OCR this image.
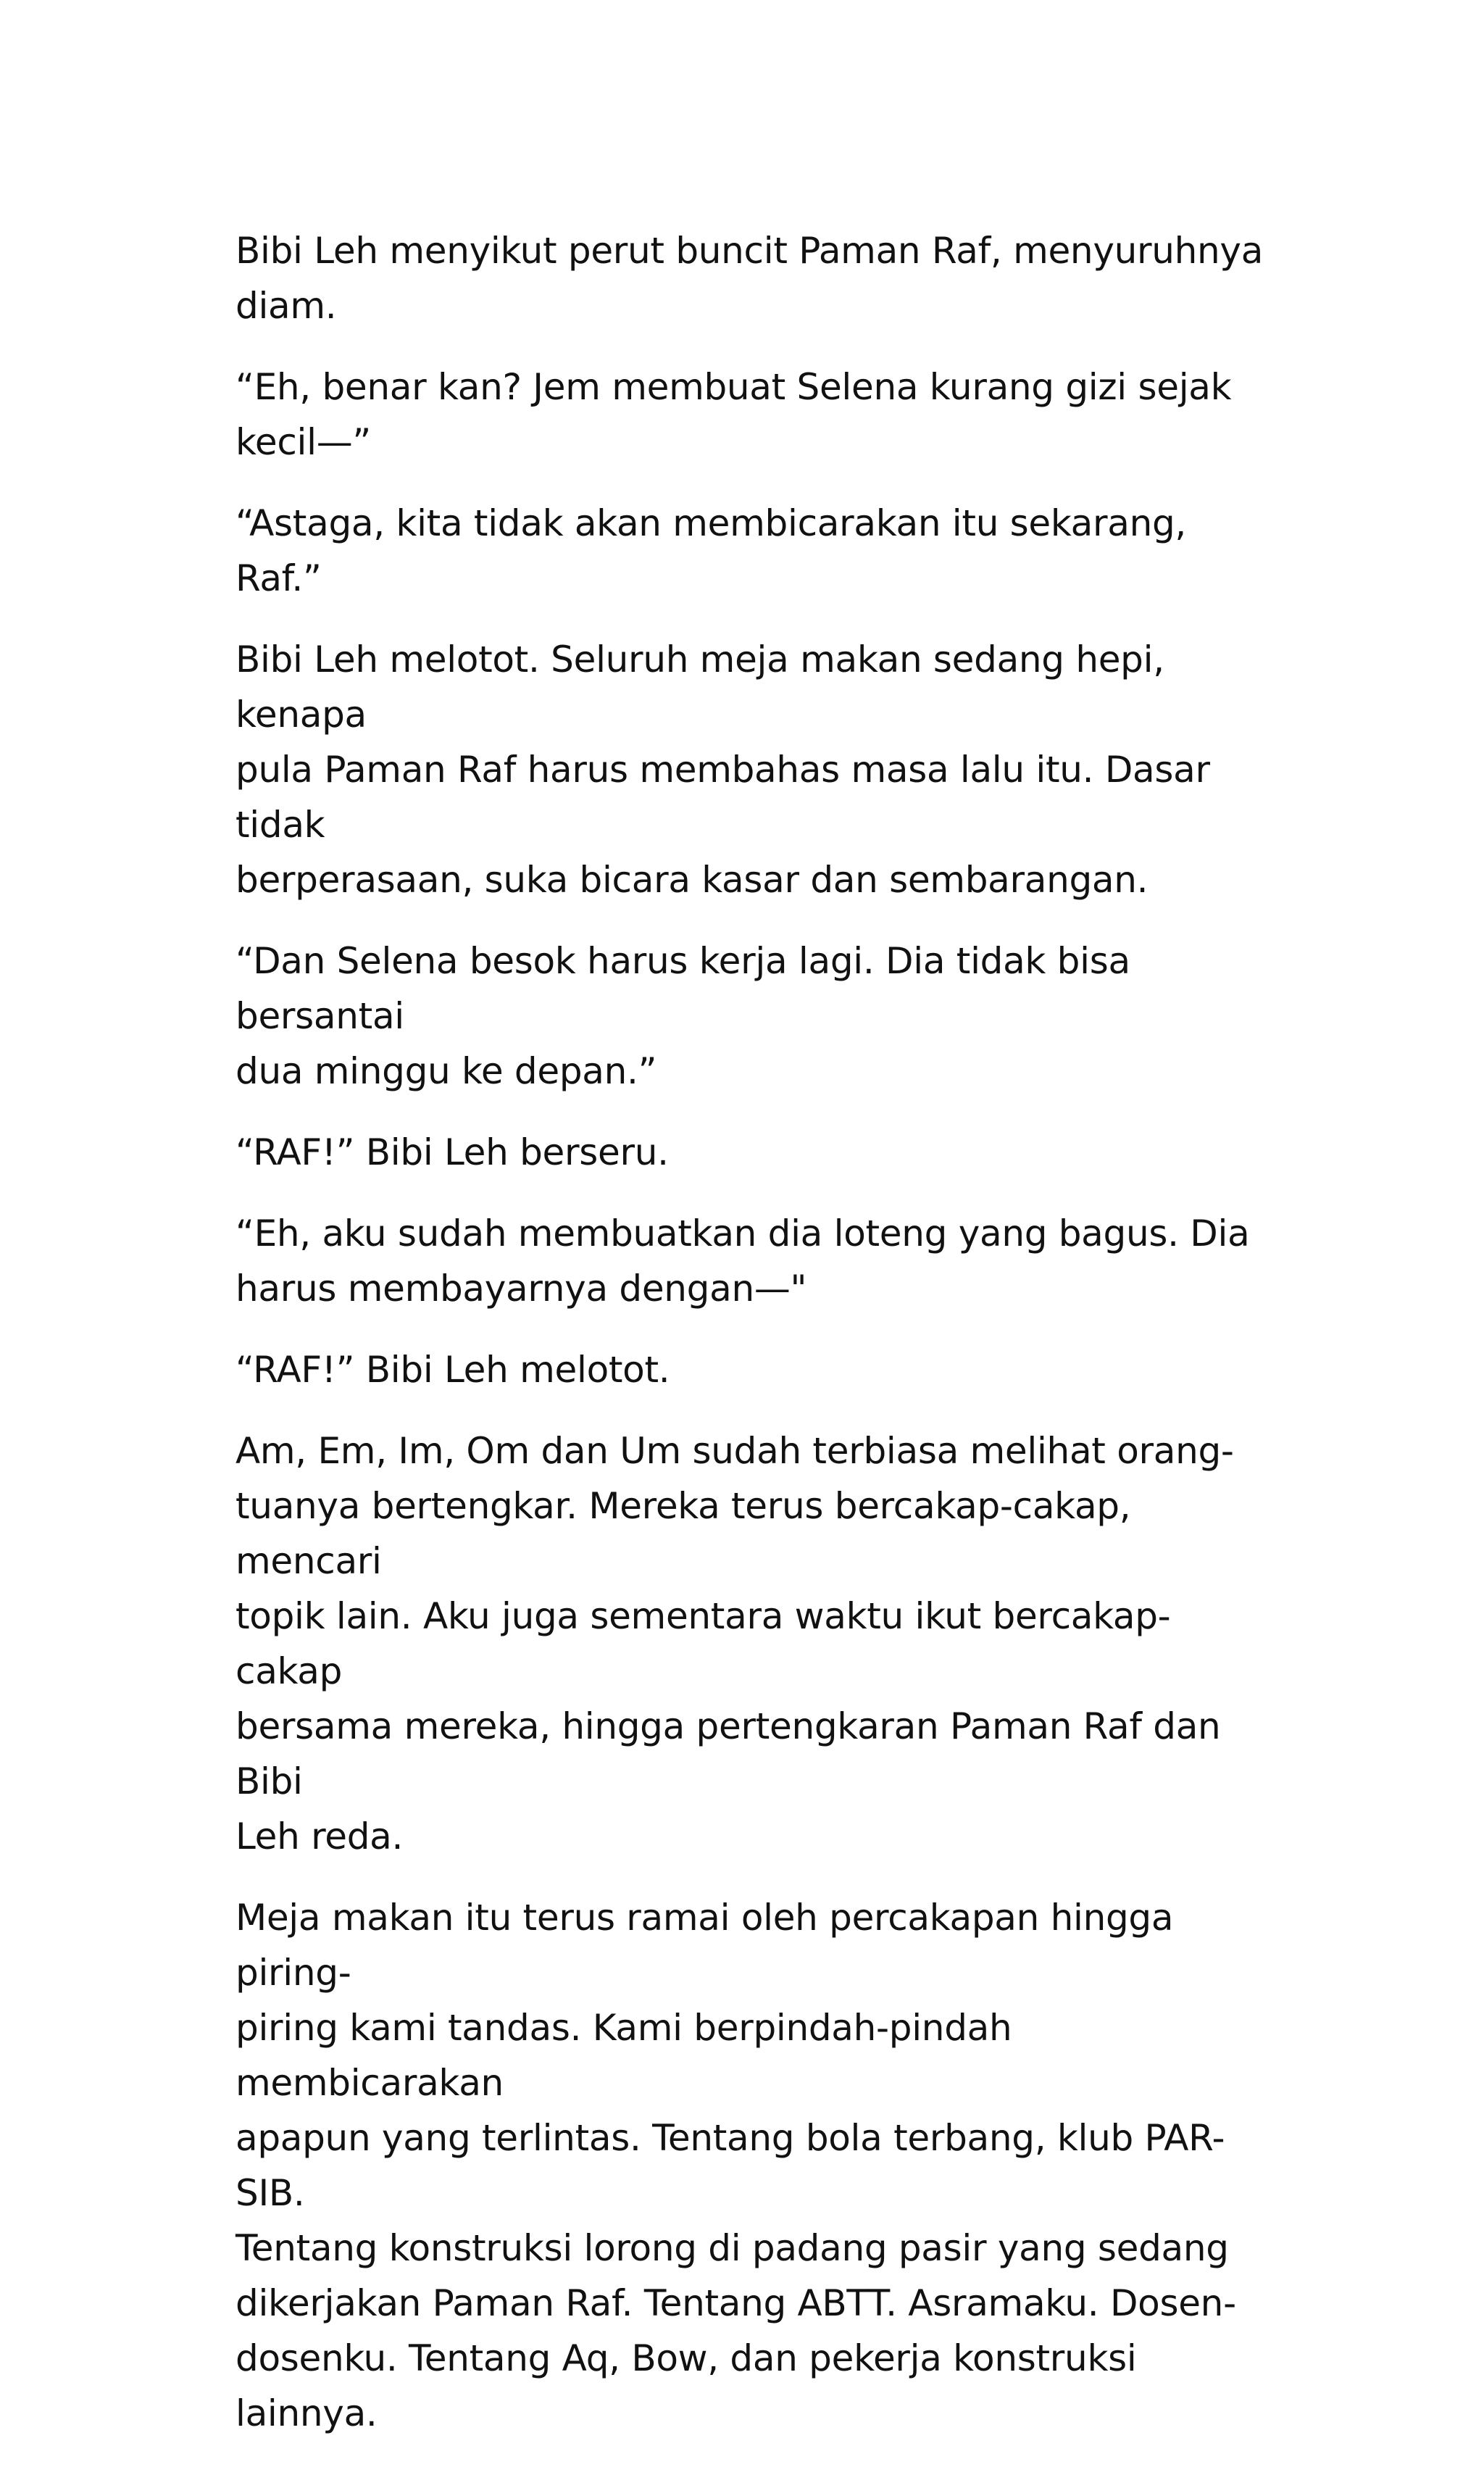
Bibi Leh menyikut perut buncit Paman Raf, menyuruhnya
diam.

“Eh, benar kan? Jem membuat Selena kurang gizi sejak
kecil—”

“Astaga, kita tidak akan membicarakan itu sekarang, Raf.”

Bibi Leh melotot. Seluruh meja makan sedang hepi, kenapa
pula Paman Raf harus membahas masa lalu itu. Dasar tidak
berperasaan, suka bicara kasar dan sembarangan.

“Dan Selena besok harus kerja lagi. Dia tidak bisa bersantai
dua minggu ke depan.”

“RAF!” Bibi Leh berseru.

“Eh, aku sudah membuatkan dia loteng yang bagus. Dia
harus membayarnya dengan—"

“RAF!” Bibi Leh melotot.

Am, Em, Im, Om dan Um sudah terbiasa melihat orang-
tuanya bertengkar. Mereka terus bercakap-cakap, mencari
topik lain. Aku juga sementara waktu ikut bercakap-cakap
bersama mereka, hingga pertengkaran Paman Raf dan Bibi
Leh reda.

Meja makan itu terus ramai oleh percakapan hingga piring-
piring kami tandas. Kami berpindah-pindah membicarakan
apapun yang terlintas. Tentang bola terbang, klub PAR-SIB.
Tentang konstruksi lorong di padang pasir yang sedang
dikerjakan Paman Raf. Tentang ABTT. Asramaku. Dosen-
dosenku. Tentang Aq, Bow, dan pekerja konstruksi lainnya.
